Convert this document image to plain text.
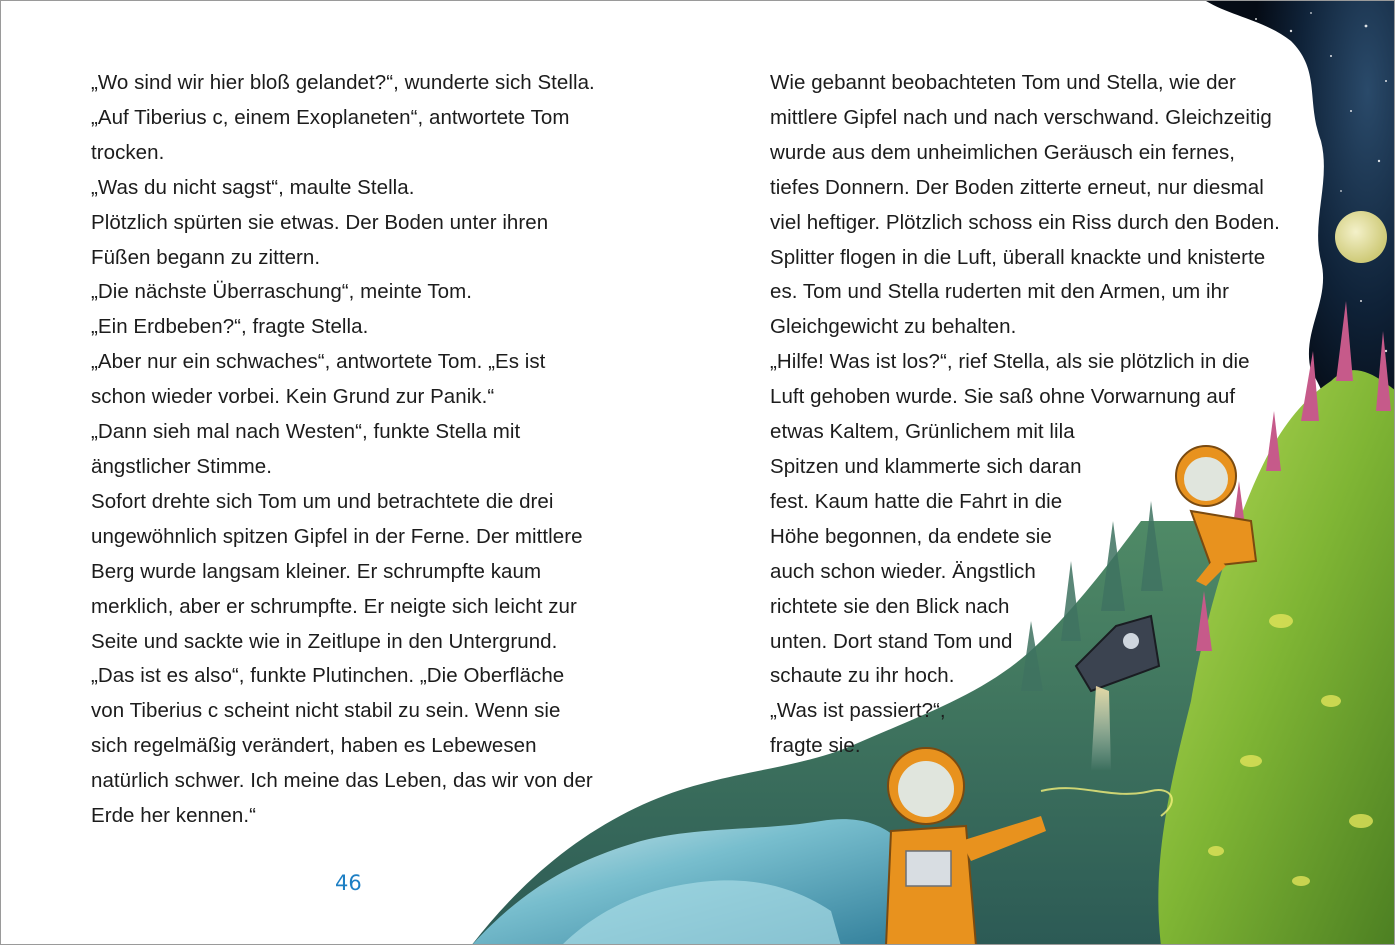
„Wo sind wir hier bloß gelandet?“, wunderte sich Stella.
„Auf Tiberius c, einem Exoplaneten“, antwortete Tom
trocken.
„Was du nicht sagst“, maulte Stella.
Plötzlich spürten sie etwas. Der Boden unter ihren
Füßen begann zu zittern.
„Die nächste Überraschung“, meinte Tom.
„Ein Erdbeben?“, fragte Stella.
„Aber nur ein schwaches“, antwortete Tom. „Es ist
schon wieder vorbei. Kein Grund zur Panik.“
„Dann sieh mal nach Westen“, funkte Stella mit
ängstlicher Stimme.
Sofort drehte sich Tom um und betrachtete die drei
ungewöhnlich spitzen Gipfel in der Ferne. Der mittlere
Berg wurde langsam kleiner. Er schrumpfte kaum
merklich, aber er schrumpfte. Er neigte sich leicht zur
Seite und sackte wie in Zeitlupe in den Untergrund.
„Das ist es also“, funkte Plutinchen. „Die Oberfläche
von Tiberius c scheint nicht stabil zu sein. Wenn sie
sich regelmäßig verändert, haben es Lebewesen
natürlich schwer. Ich meine das Leben, das wir von der
Erde her kennen.“
Wie gebannt beobachteten Tom und Stella, wie der
mittlere Gipfel nach und nach verschwand. Gleichzeitig
wurde aus dem unheimlichen Geräusch ein fernes,
tiefes Donnern. Der Boden zitterte erneut, nur diesmal
viel heftiger. Plötzlich schoss ein Riss durch den Boden.
Splitter flogen in die Luft, überall knackte und knisterte
es. Tom und Stella ruderten mit den Armen, um ihr
Gleichgewicht zu behalten.
„Hilfe! Was ist los?“, rief Stella, als sie plötzlich in die
Luft gehoben wurde. Sie saß ohne Vorwarnung auf
etwas Kaltem, Grünlichem mit lila
Spitzen und klammerte sich daran
fest. Kaum hatte die Fahrt in die
Höhe begonnen, da endete sie
auch schon wieder. Ängstlich
richtete sie den Blick nach
unten. Dort stand Tom und
schaute zu ihr hoch.
„Was ist passiert?“,
fragte sie.
46
